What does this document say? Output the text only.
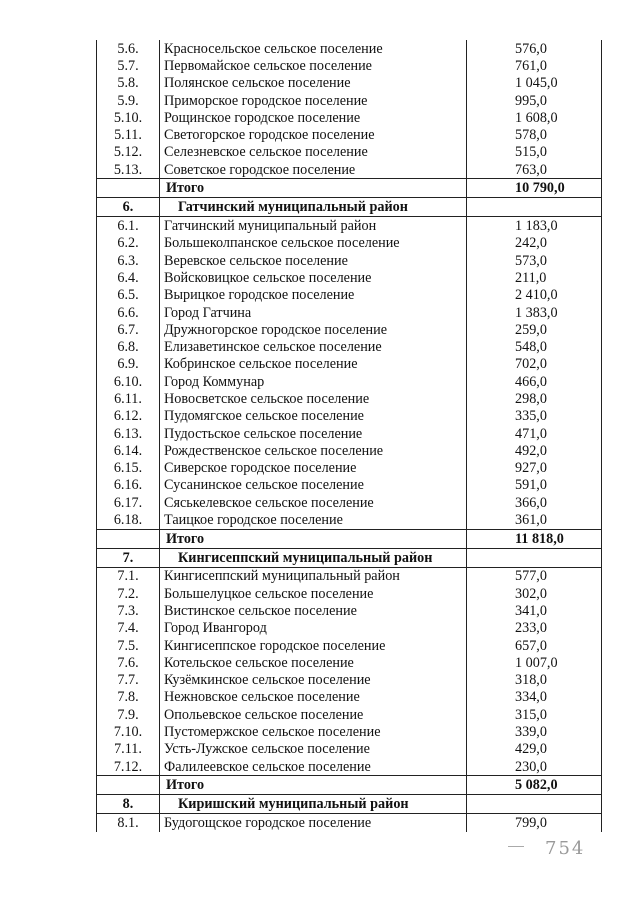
5.6.	Красносельское сельское поселение	576,0
5.7.	Первомайское сельское поселение	761,0
5.8.	Полянское сельское поселение	1 045,0
5.9.	Приморское городское поселение	995,0
5.10.	Рощинское городское поселение	1 608,0
5.11.	Светогорское городское поселение	578,0
5.12.	Селезневское сельское поселение	515,0
5.13.	Советское городское поселение	763,0
	Итого	10 790,0
6.	Гатчинский муниципальный район	
6.1.	Гатчинский муниципальный район	1 183,0
6.2.	Большеколпанское сельское поселение	242,0
6.3.	Веревское сельское поселение	573,0
6.4.	Войсковицкое сельское поселение	211,0
6.5.	Вырицкое городское поселение	2 410,0
6.6.	Город Гатчина	1 383,0
6.7.	Дружногорское городское поселение	259,0
6.8.	Елизаветинское сельское поселение	548,0
6.9.	Кобринское сельское поселение	702,0
6.10.	Город Коммунар	466,0
6.11.	Новосветское сельское поселение	298,0
6.12.	Пудомягское сельское поселение	335,0
6.13.	Пудостьское сельское поселение	471,0
6.14.	Рождественское сельское поселение	492,0
6.15.	Сиверское городское поселение	927,0
6.16.	Сусанинское сельское поселение	591,0
6.17.	Сяськелевское сельское поселение	366,0
6.18.	Таицкое городское поселение	361,0
	Итого	11 818,0
7.	Кингисеппский муниципальный район	
7.1.	Кингисеппский муниципальный район	577,0
7.2.	Большелуцкое сельское поселение	302,0
7.3.	Вистинское сельское поселение	341,0
7.4.	Город Ивангород	233,0
7.5.	Кингисеппское городское поселение	657,0
7.6.	Котельское сельское поселение	1 007,0
7.7.	Кузёмкинское сельское поселение	318,0
7.8.	Нежновское сельское поселение	334,0
7.9.	Опольевское сельское поселение	315,0
7.10.	Пустомержское сельское поселение	339,0
7.11.	Усть-Лужское сельское поселение	429,0
7.12.	Фалилеевское сельское поселение	230,0
	Итого	5 082,0
8.	Киришский муниципальный район	
8.1.	Будогощское городское поселение	799,0
754
